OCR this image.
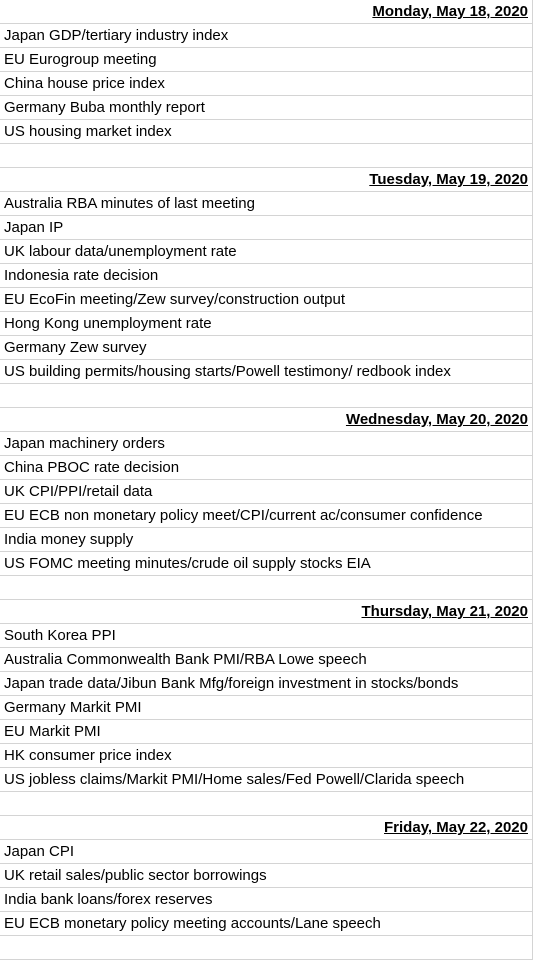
Monday, May 18, 2020
Japan GDP/tertiary industry index
EU Eurogroup meeting
China house price index
Germany Buba monthly report
US housing market index
Tuesday, May 19, 2020
Australia RBA minutes of last meeting
Japan IP
UK labour data/unemployment rate
Indonesia rate decision
EU EcoFin meeting/Zew survey/construction output
Hong Kong unemployment rate
Germany Zew survey
US building permits/housing starts/Powell testimony/ redbook index
Wednesday, May 20, 2020
Japan machinery orders
China PBOC rate decision
UK CPI/PPI/retail data
EU ECB non monetary policy meet/CPI/current ac/consumer confidence
India money supply
US FOMC meeting minutes/crude oil supply stocks EIA
Thursday, May 21, 2020
South Korea PPI
Australia Commonwealth Bank PMI/RBA Lowe speech
Japan trade data/Jibun Bank Mfg/foreign investment in stocks/bonds
Germany Markit PMI
EU Markit PMI
HK consumer price index
US jobless claims/Markit PMI/Home sales/Fed Powell/Clarida speech
Friday, May 22, 2020
Japan CPI
UK retail sales/public sector borrowings
India bank loans/forex reserves
EU ECB monetary policy meeting accounts/Lane speech
